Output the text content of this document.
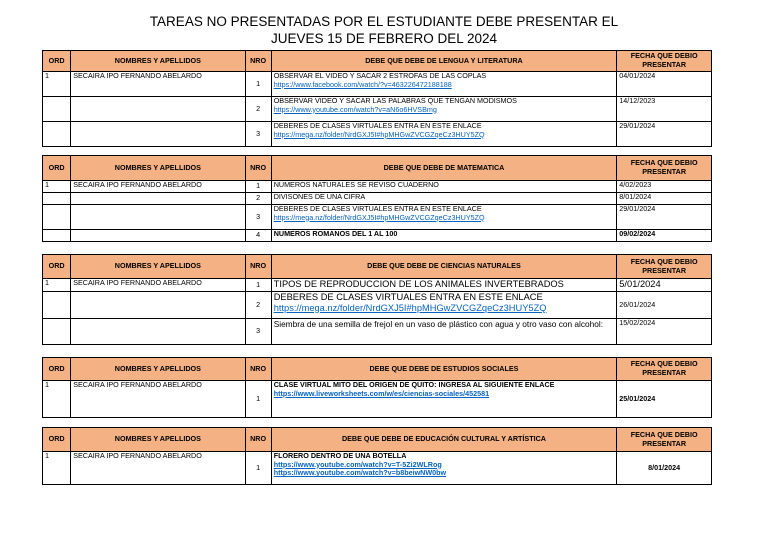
TAREAS NO PRESENTADAS POR EL ESTUDIANTE DEBE PRESENTAR EL
JUEVES 15 DE FEBRERO DEL 2024
ORD	NOMBRES Y APELLIDOS	NRO	DEBE QUE DEBE DE LENGUA Y LITERATURA	FECHA QUE DEBIO PRESENTAR
1	SECAIRA IPO FERNANDO ABELARDO	1	OBSERVAR EL VIDEO Y SACAR 2 ESTROFAS DE LAS COPLAS
https://www.facebook.com/watch/?v=463226472188188	04/01/2024
		2	OBSERVAR VIDEO Y SACAR LAS PALABRAS QUE TENGAN MODISMOS
https://www.youtube.com/watch?v=aN6o6HVSBmg	14/12/2023
		3	DEBERES DE CLASES VIRTUALES ENTRA EN ESTE ENLACE
https://mega.nz/folder/NrdGXJ5I#hpMHGwZVCGZqeCz3HUY5ZQ	29/01/2024
ORD	NOMBRES Y APELLIDOS	NRO	DEBE QUE DEBE DE MATEMATICA	FECHA QUE DEBIO PRESENTAR
1	SECAIRA IPO FERNANDO ABELARDO	1	NUMEROS NATURALES SE REVISO CUADERNO	4/02/2023
		2	DIVISONES DE UNA CIFRA	8/01/2024
		3	DEBERES DE CLASES VIRTUALES ENTRA EN ESTE ENLACE
https://mega.nz/folder/NrdGXJ5I#hpMHGwZVCGZqeCz3HUY5ZQ	29/01/2024
		4	NUMEROS ROMANOS DEL 1 AL 100	09/02/2024
ORD	NOMBRES Y APELLIDOS	NRO	DEBE QUE DEBE DE CIENCIAS NATURALES	FECHA QUE DEBIO PRESENTAR
1	SECAIRA IPO FERNANDO ABELARDO	1	TIPOS DE REPRODUCCION DE LOS ANIMALES INVERTEBRADOS	5/01/2024
		2	DEBERES DE CLASES VIRTUALES ENTRA EN ESTE ENLACE
https://mega.nz/folder/NrdGXJ5I#hpMHGwZVCGZqeCz3HUY5ZQ	26/01/2024
		3	Siembra de una semilla de frejol en un vaso de plástico con agua y otro vaso con alcohol:	15/02/2024
ORD	NOMBRES Y APELLIDOS	NRO	DEBE QUE DEBE DE ESTUDIOS SOCIALES	FECHA QUE DEBIO PRESENTAR
1	SECAIRA IPO FERNANDO ABELARDO	1	CLASE VIRTUAL MITO DEL ORIGEN DE QUITO: INGRESA AL SIGUIENTE ENLACE
https://www.liveworksheets.com/w/es/ciencias-sociales/452581	25/01/2024
ORD	NOMBRES Y APELLIDOS	NRO	DEBE QUE DEBE DE EDUCACIÓN CULTURAL Y ARTÍSTICA	FECHA QUE DEBIO PRESENTAR
1	SECAIRA IPO FERNANDO ABELARDO	1	FLORERO DENTRO DE UNA BOTELLA
https://www.youtube.com/watch?v=T-5Zi2WLRog
https://www.youtube.com/watch?v=b8beiwNW0bw	8/01/2024
